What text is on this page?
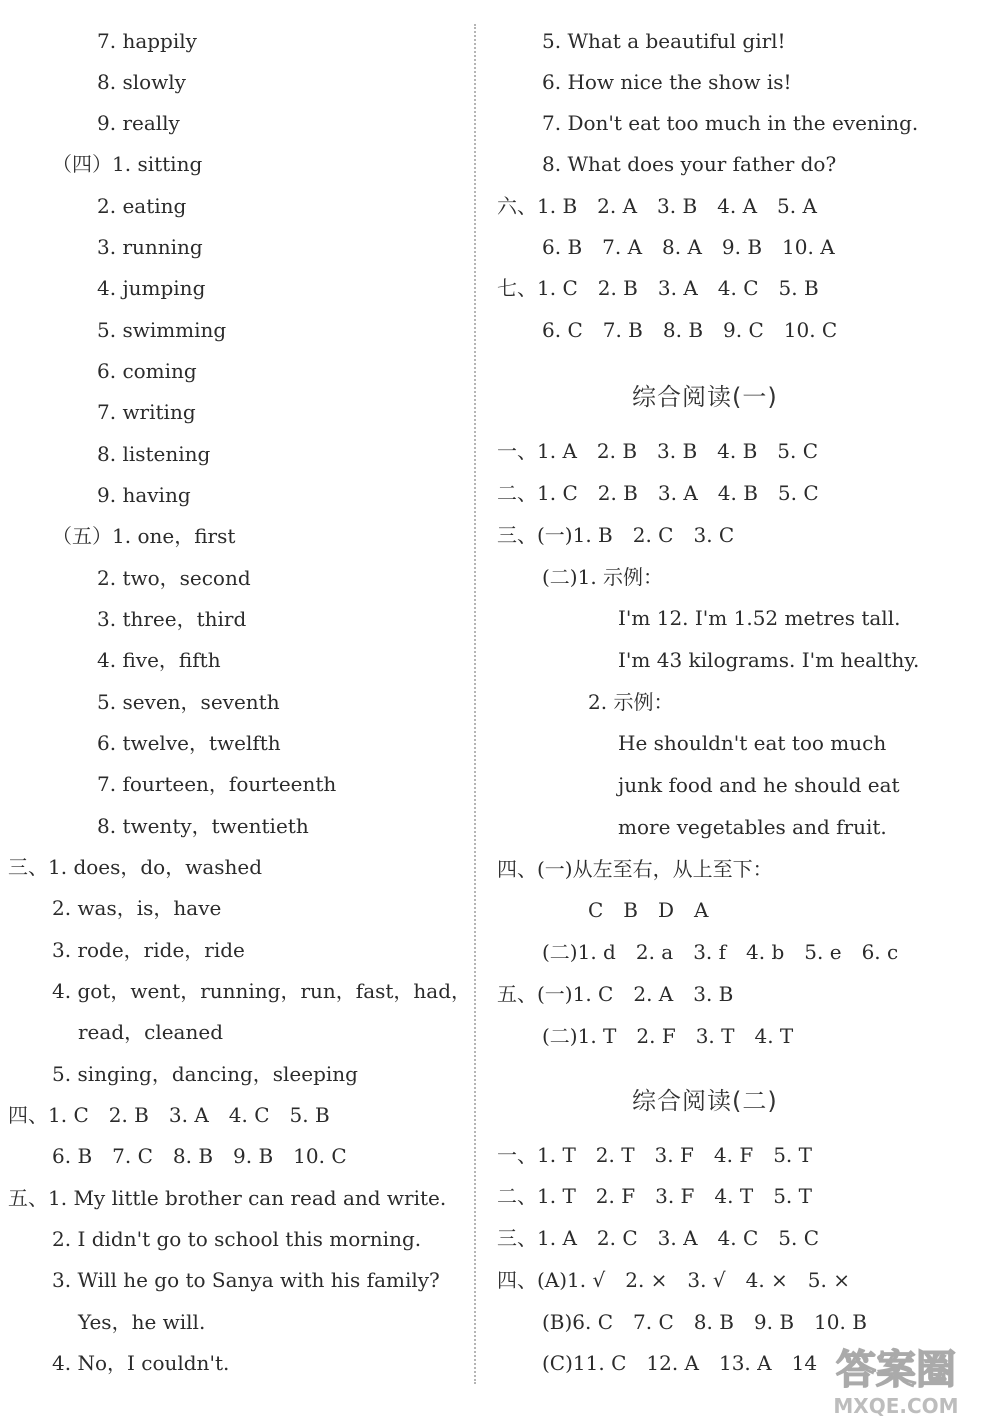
答案圈
MXQE.COM
7. happily
8. slowly
9. really
（四）1. sitting
2. eating
3. running
4. jumping
5. swimming
6. coming
7. writing
8. listening
9. having
（五）1. one，first
2. two，second
3. three，third
4. five，fifth
5. seven，seventh
6. twelve，twelfth
7. fourteen，fourteenth
8. twenty，twentieth
三、1. does，do，washed
2. was，is，have
3. rode，ride，ride
4. got，went，running，run，fast，had，
read，cleaned
5. singing，dancing，sleeping
四、1. C　2. B　3. A　4. C　5. B
6. B　7. C　8. B　9. B　10. C
五、1. My little brother can read and write.
2. I didn't go to school this morning.
3. Will he go to Sanya with his family?
Yes，he will.
4. No，I couldn't.
5. What a beautiful girl!
6. How nice the show is!
7. Don't eat too much in the evening.
8. What does your father do?
六、1. B　2. A　3. B　4. A　5. A
6. B　7. A　8. A　9. B　10. A
七、1. C　2. B　3. A　4. C　5. B
6. C　7. B　8. B　9. C　10. C
一、1. A　2. B　3. B　4. B　5. C
二、1. C　2. B　3. A　4. B　5. C
三、(一)1. B　2. C　3. C
(二)1. 示例：
I'm 12. I'm 1.52 metres tall.
I'm 43 kilograms. I'm healthy.
2. 示例：
He shouldn't eat too much
junk food and he should eat
more vegetables and fruit.
四、(一)从左至右，从上至下：
C　B　D　A
(二)1. d　2. a　3. f　4. b　5. e　6. c
五、(一)1. C　2. A　3. B
(二)1. T　2. F　3. T　4. T
一、1. T　2. T　3. F　4. F　5. T
二、1. T　2. F　3. F　4. T　5. T
三、1. A　2. C　3. A　4. C　5. C
四、(A)1. √　2. ×　3. √　4. ×　5. ×
(B)6. C　7. C　8. B　9. B　10. B
(C)11. C　12. A　13. A　14
综合阅读(一)
综合阅读(二)
